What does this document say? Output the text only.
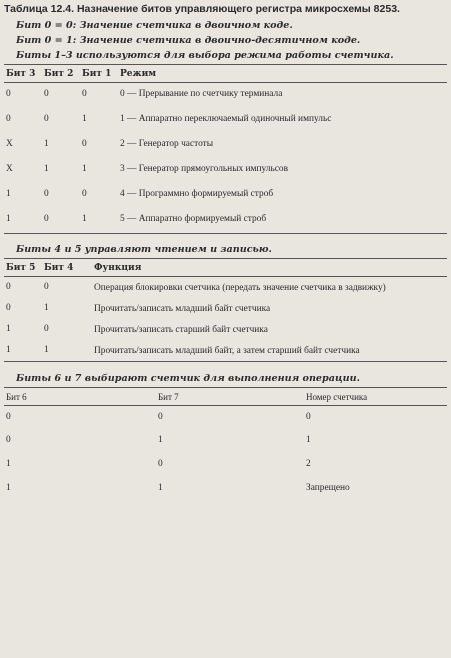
Таблица 12.4. Назначение битов управляющего регистра микросхемы 8253.
Бит 0 = 0: Значение счетчика в двоичном коде.
Бит 0 = 1: Значение счетчика в двоично-десятичном коде.
Биты 1–3 используются для выбора режима работы счетчика.
Бит 3	Бит 2	Бит 1	Режим
0	0	0	0 — Прерывание по счетчику терминала
0	0	1	1 — Аппаратно переключаемый одиночный импульс
X	1	0	2 — Генератор частоты
X	1	1	3 — Генератор прямоугольных импульсов
1	0	0	4 — Программно формируемый строб
1	0	1	5 — Аппаратно формируемый строб
Биты 4 и 5 управляют чтением и записью.
Бит 5	Бит 4	Функция
0	0	Операция блокировки счетчика (передать значение счетчика в задвижку)
0	1	Прочитать/записать младший байт счетчика
1	0	Прочитать/записать старший байт счетчика
1	1	Прочитать/записать младший байт, а затем старший байт счетчика
Биты 6 и 7 выбирают счетчик для выполнения операции.
Бит 6	Бит 7	Номер счетчика
0	0	0
0	1	1
1	0	2
1	1	Запрещено
